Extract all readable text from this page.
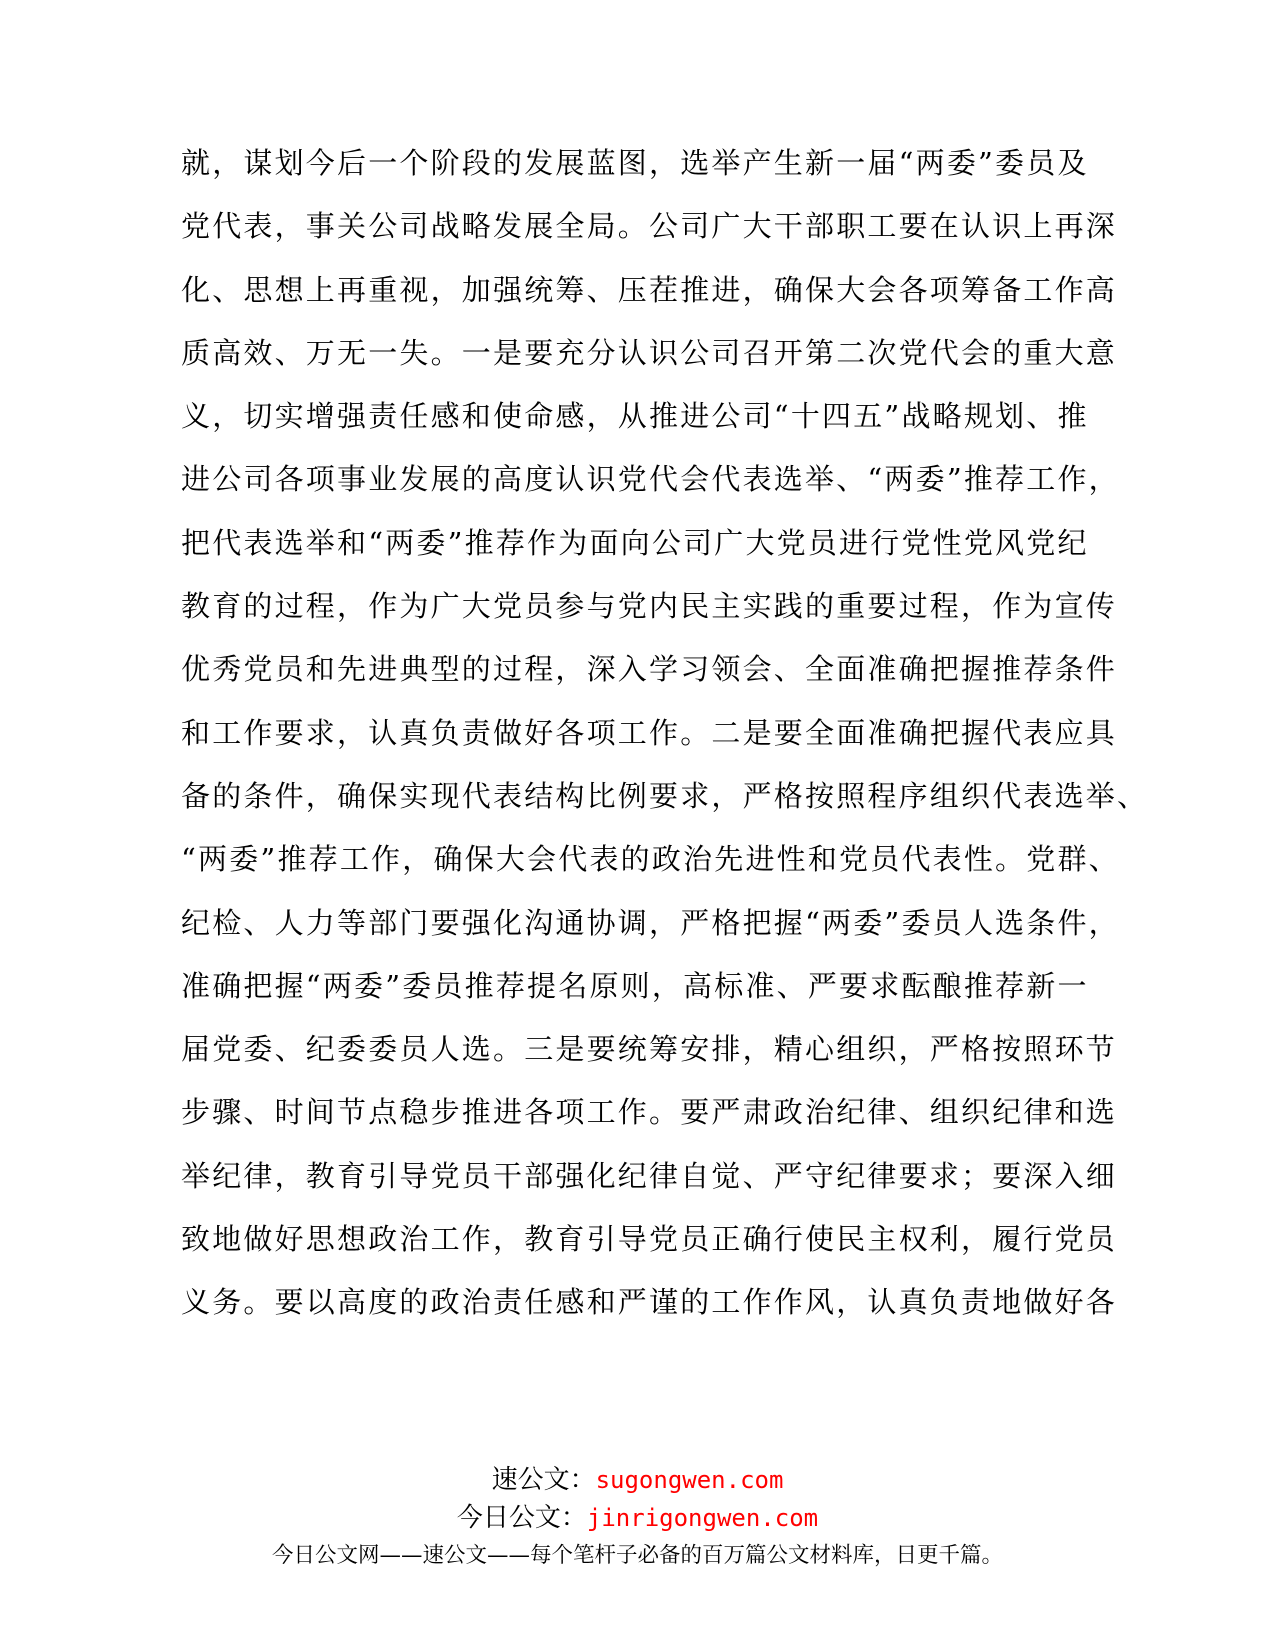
就，谋划今后一个阶段的发展蓝图，选举产生新一届“两委”委员及
党代表，事关公司战略发展全局。公司广大干部职工要在认识上再深
化、思想上再重视，加强统筹、压茬推进，确保大会各项筹备工作高
质高效、万无一失。一是要充分认识公司召开第二次党代会的重大意
义，切实增强责任感和使命感，从推进公司“十四五”战略规划、推
进公司各项事业发展的高度认识党代会代表选举、“两委”推荐工作，
把代表选举和“两委”推荐作为面向公司广大党员进行党性党风党纪
教育的过程，作为广大党员参与党内民主实践的重要过程，作为宣传
优秀党员和先进典型的过程，深入学习领会、全面准确把握推荐条件
和工作要求，认真负责做好各项工作。二是要全面准确把握代表应具
备的条件，确保实现代表结构比例要求，严格按照程序组织代表选举、
“两委”推荐工作，确保大会代表的政治先进性和党员代表性。党群、
纪检、人力等部门要强化沟通协调，严格把握“两委”委员人选条件，
准确把握“两委”委员推荐提名原则，高标准、严要求酝酿推荐新一
届党委、纪委委员人选。三是要统筹安排，精心组织，严格按照环节
步骤、时间节点稳步推进各项工作。要严肃政治纪律、组织纪律和选
举纪律，教育引导党员干部强化纪律自觉、严守纪律要求；要深入细
致地做好思想政治工作，教育引导党员正确行使民主权利，履行党员
义务。要以高度的政治责任感和严谨的工作作风，认真负责地做好各
速公文：sugongwen.com
今日公文：jinrigongwen.com
今日公文网——速公文——每个笔杆子必备的百万篇公文材料库，日更千篇。
